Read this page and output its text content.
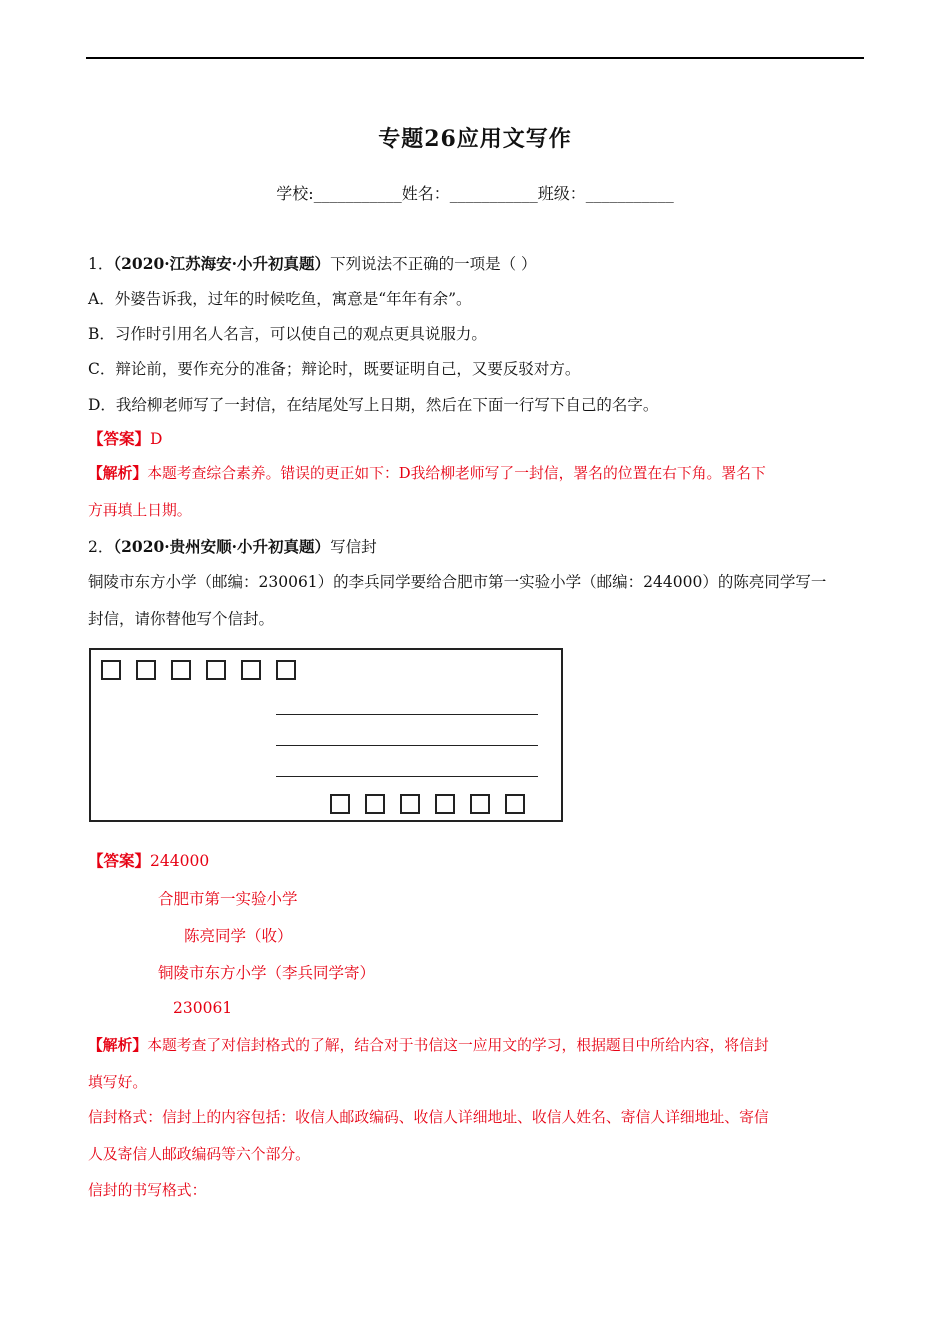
专题26应用文写作
学校:___________姓名：___________班级：___________
1．（2020·江苏海安·小升初真题）下列说法不正确的一项是（ ）
A．外婆告诉我，过年的时候吃鱼，寓意是“年年有余”。
B．习作时引用名人名言，可以使自己的观点更具说服力。
C．辩论前，要作充分的准备；辩论时，既要证明自己，又要反驳对方。
D．我给柳老师写了一封信，在结尾处写上日期，然后在下面一行写下自己的名字。
【答案】D
【解析】本题考查综合素养。错误的更正如下：D我给柳老师写了一封信，署名的位置在右下角。署名下
方再填上日期。
2．（2020·贵州安顺·小升初真题）写信封
铜陵市东方小学（邮编：230061）的李兵同学要给合肥市第一实验小学（邮编：244000）的陈亮同学写一
封信，请你替他写个信封。
【答案】244000
合肥市第一实验小学
陈亮同学（收）
铜陵市东方小学（李兵同学寄）
230061
【解析】本题考查了对信封格式的了解，结合对于书信这一应用文的学习，根据题目中所给内容，将信封
填写好。
信封格式：信封上的内容包括：收信人邮政编码、收信人详细地址、收信人姓名、寄信人详细地址、寄信
人及寄信人邮政编码等六个部分。
信封的书写格式：
